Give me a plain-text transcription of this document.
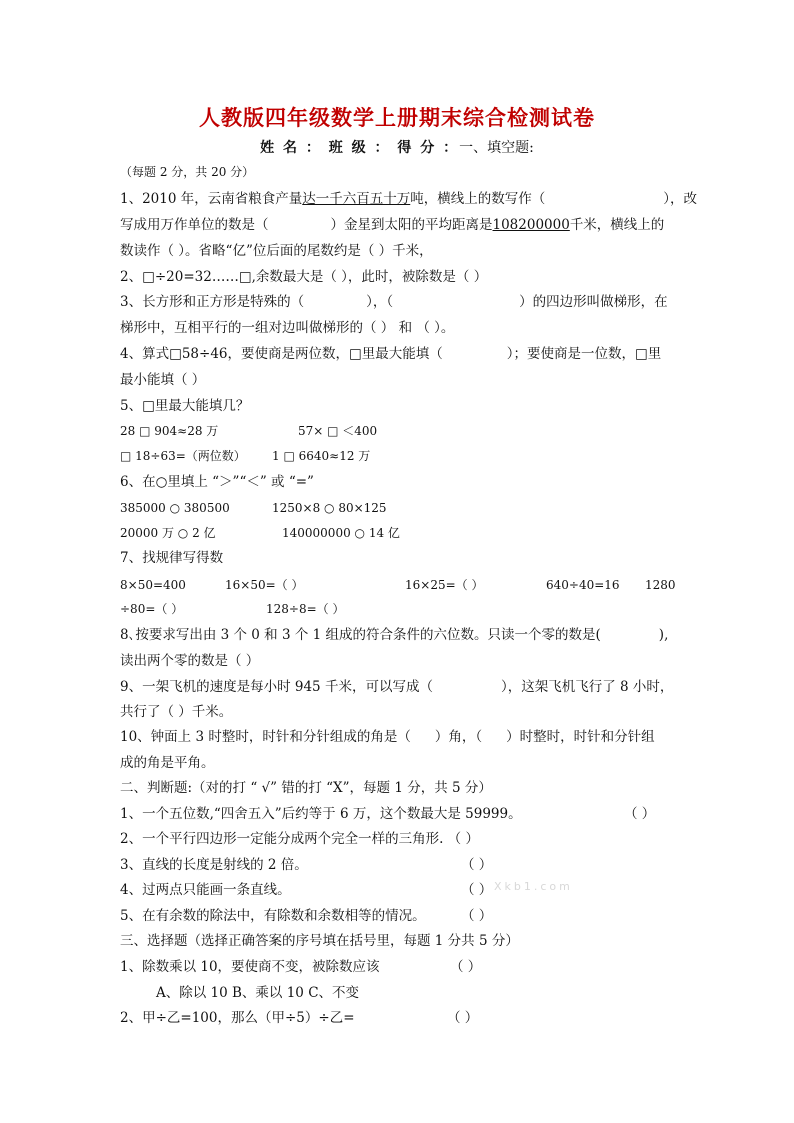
人教版四年级数学上册期末综合检测试卷
姓 名 ： 班 级 ： 得 分 ：一、填空题:
（每题 2 分，共 20 分）
1、2010 年，云南省粮食产量达一千六百五十万吨，横线上的数写作（	），改
写成用万作单位的数是（	）金星到太阳的平均距离是108200000千米，横线上的
数读作（ ）。省略“亿”位后面的尾数约是（ ）千米，
2、□÷20=32……□,余数最大是（ ），此时，被除数是（ ）
3、长方形和正方形是特殊的（	），（	）的四边形叫做梯形，在
梯形中，互相平行的一组对边叫做梯形的（ ） 和 （ ）。
4、算式□58÷46，要使商是两位数，□里最大能填（	）；要使商是一位数，□里
最小能填（ ）
5、□里最大能填几？
28 □ 904≈28 万	57× □ ＜400
□ 18÷63=（两位数） 1 □ 6640≈12 万
6、在○里填上 “＞”“＜” 或 “=”
385000 ○ 380500	1250×8 ○ 80×125
20000 万 ○ 2 亿	140000000 ○ 14 亿
7、找规律写得数
8×50=400	16×50=（ ）	16×25=（ ）	640÷40=16 1280
÷80=（ ）	128÷8=（ ）
8､按要求写出由 3 个 0 和 3 个 1 组成的符合条件的六位数。只读一个零的数是(	),
读出两个零的数是（ ）
9、一架飞机的速度是每小时 945 千米，可以写成（	），这架飞机飞行了 8 小时，
共行了（ ）千米。
10、钟面上 3 时整时，时针和分针组成的角是（ ）角，（ ）时整时，时针和分针组
成的角是平角。
二、判断题:（对的打 “ √” 错的打 “X”，每题 1 分，共 5 分）
1、一个五位数,“四舍五入”后约等于 6 万，这个数最大是 59999。	（ ）
2、一个平行四边形一定能分成两个完全一样的三角形. （ ）
3、直线的长度是射线的 2 倍。	（ ）
4、过两点只能画一条直线。	（ ） Xkb1.com
5、在有余数的除法中，有除数和余数相等的情况。	（ ）
三、选择题（选择正确答案的序号填在括号里，每题 1 分共 5 分）
1、除数乘以 10，要使商不变，被除数应该	（ ）
A、除以 10 B、乘以 10 C、不变
2、甲÷乙=100，那么（甲÷5）÷乙=	（ ）
